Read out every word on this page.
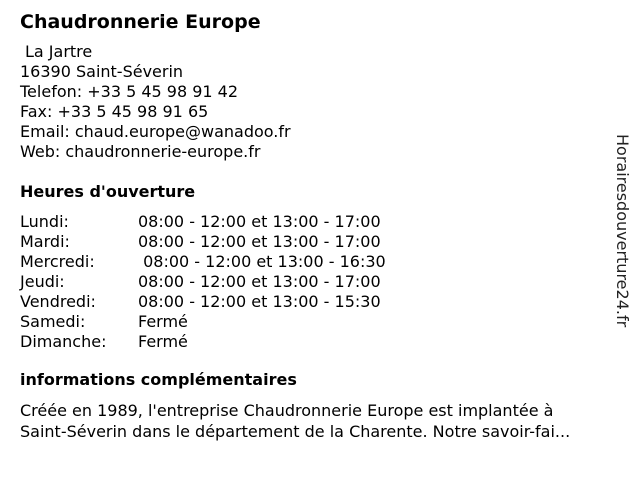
Chaudronnerie Europe
La Jartre
16390 Saint-Séverin
Telefon: +33 5 45 98 91 42
Fax: +33 5 45 98 91 65
Email: chaud.europe@wanadoo.fr
Web: chaudronnerie-europe.fr
Heures d'ouverture
Lundi:	08:00 - 12:00 et 13:00 - 17:00
Mardi:	08:00 - 12:00 et 13:00 - 17:00
Mercredi:	08:00 - 12:00 et 13:00 - 16:30
Jeudi:	08:00 - 12:00 et 13:00 - 17:00
Vendredi:	08:00 - 12:00 et 13:00 - 15:30
Samedi:	Fermé
Dimanche:	Fermé
informations complémentaires
Créée en 1989, l'entreprise Chaudronnerie Europe est implantée à
Saint-Séverin dans le département de la Charente. Notre savoir-fai...
Horairesdouverture24.fr
